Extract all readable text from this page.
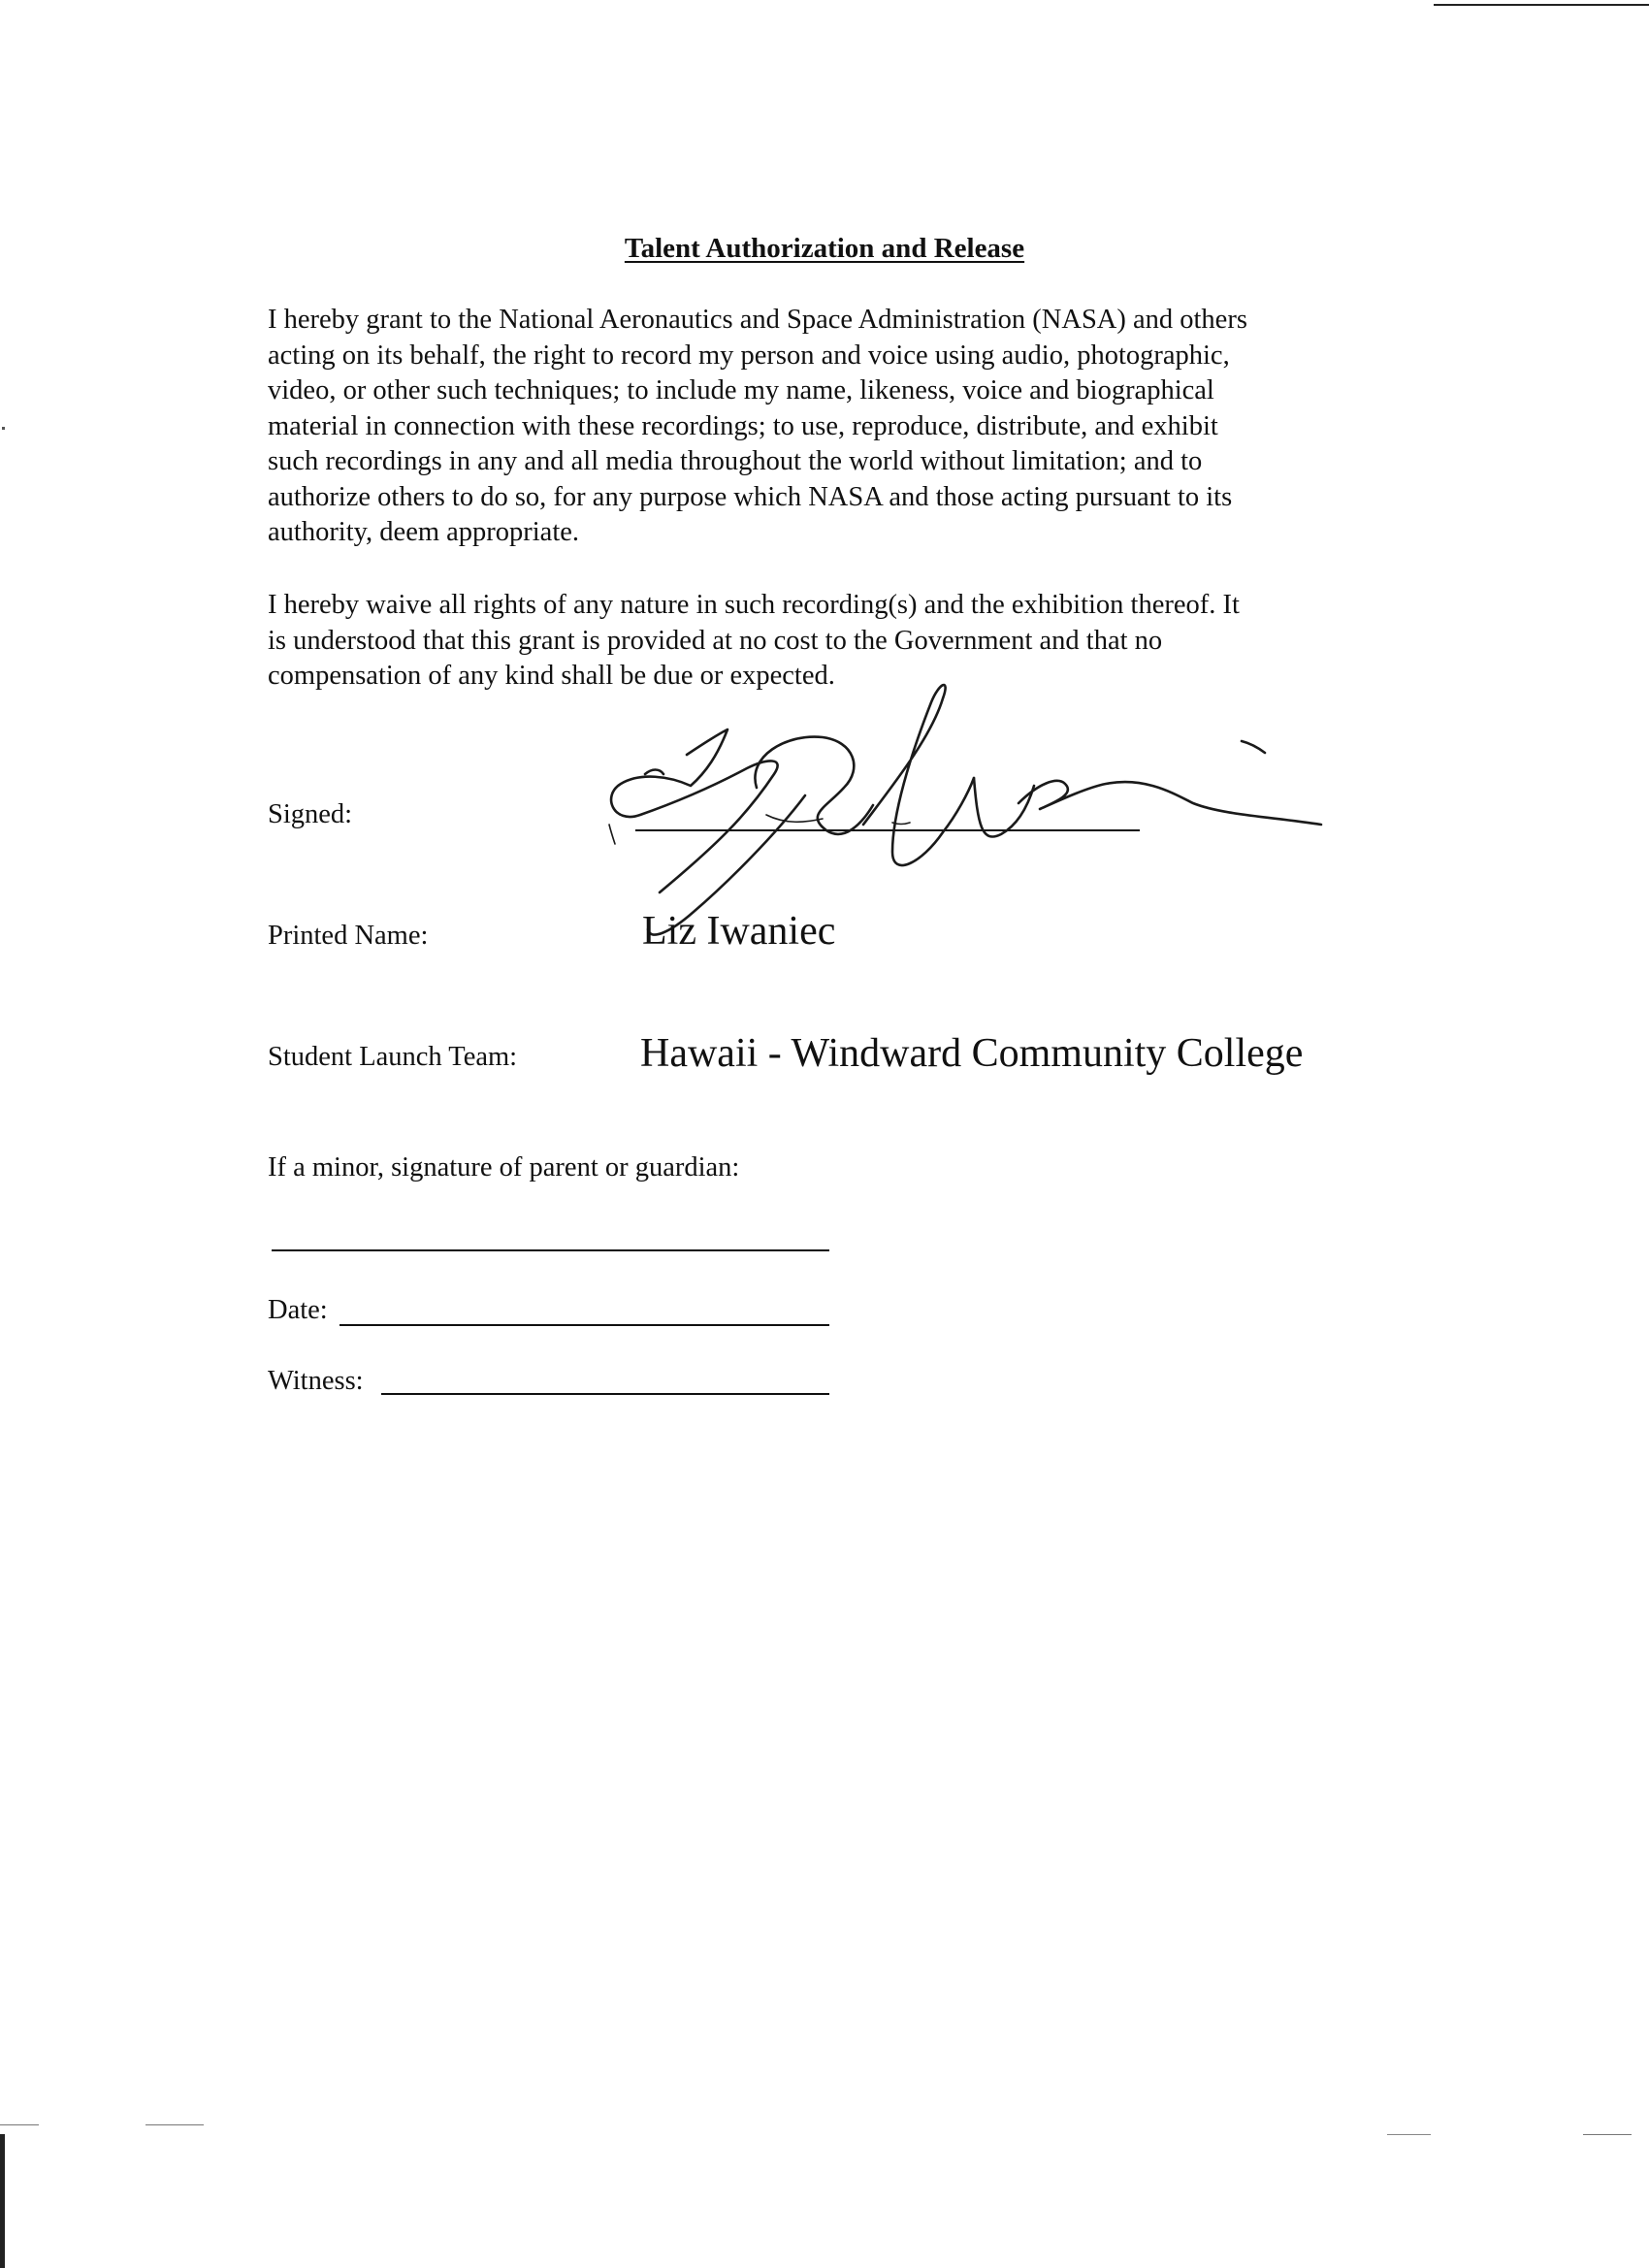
Talent Authorization and Release

I hereby grant to the National Aeronautics and Space Administration (NASA) and others
acting on its behalf, the right to record my person and voice using audio, photographic,
video, or other such techniques; to include my name, likeness, voice and biographical
material in connection with these recordings; to use, reproduce, distribute, and exhibit
such recordings in any and all media throughout the world without limitation; and to
authorize others to do so, for any purpose which NASA and those acting pursuant to its
authority, deem appropriate.

I hereby waive all rights of any nature in such recording(s) and the exhibition thereof. It
is understood that this grant is provided at no cost to the Government and that no
compensation of any kind shall be due or expected.

Signed:
Printed Name:	Liz Iwaniec
Student Launch Team:	Hawaii - Windward Community College
If a minor, signature of parent or guardian:
Date:
Witness:
